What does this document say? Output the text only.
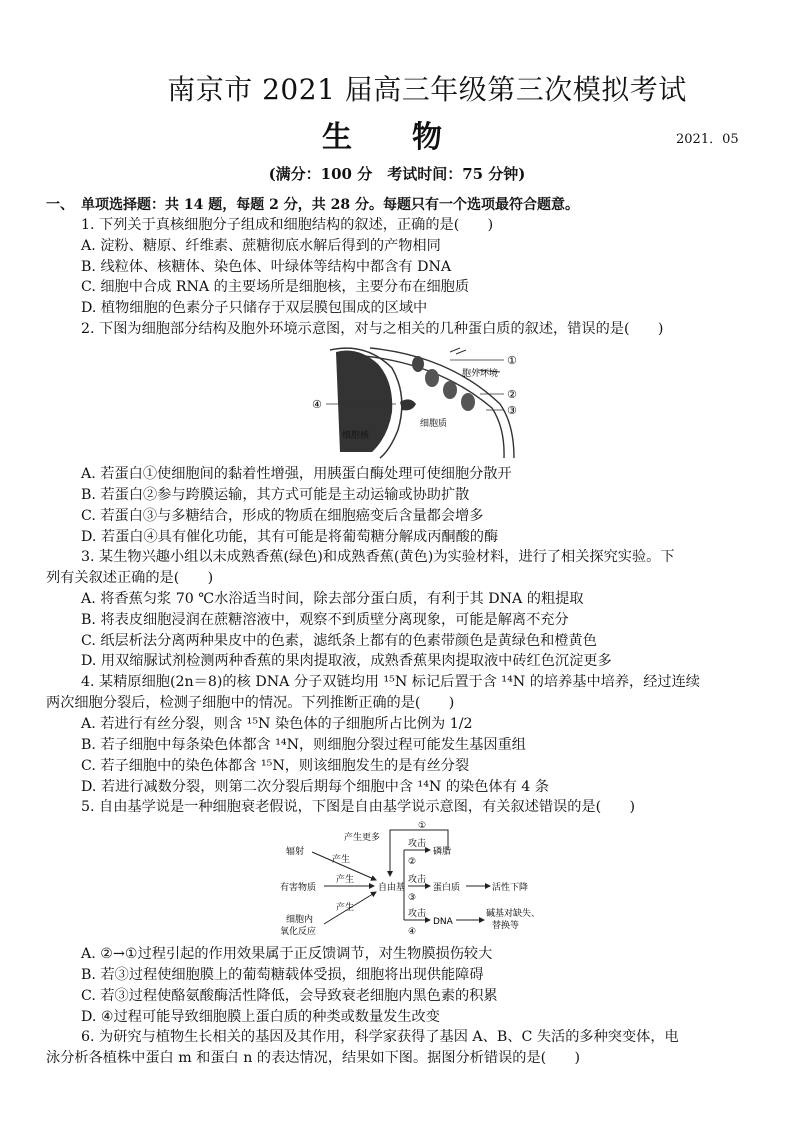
南京市 2021 届高三年级第三次模拟考试
生物	2021．05
(满分：100 分　考试时间：75 分钟)
一、　单项选择题：共 14 题，每题 2 分，共 28 分。每题只有一个选项最符合题意。
1. 下列关于真核细胞分子组成和细胞结构的叙述，正确的是(　　)
A. 淀粉、糖原、纤维素、蔗糖彻底水解后得到的产物相同
B. 线粒体、核糖体、染色体、叶绿体等结构中都含有 DNA
C. 细胞中合成 RNA 的主要场所是细胞核，主要分布在细胞质
D. 植物细胞的色素分子只储存于双层膜包围成的区域中
2. 下图为细胞部分结构及胞外环境示意图，对与之相关的几种蛋白质的叙述，错误的是(　　)
①
②
③
④
胞外环境
细胞质
细胞核
A. 若蛋白①使细胞间的黏着性增强，用胰蛋白酶处理可使细胞分散开
B. 若蛋白②参与跨膜运输，其方式可能是主动运输或协助扩散
C. 若蛋白③与多糖结合，形成的物质在细胞癌变后含量都会增多
D. 若蛋白④具有催化功能，其有可能是将葡萄糖分解成丙酮酸的酶
3. 某生物兴趣小组以未成熟香蕉(绿色)和成熟香蕉(黄色)为实验材料，进行了相关探究实验。下
列有关叙述正确的是(　　)
A. 将香蕉匀浆 70 ℃水浴适当时间，除去部分蛋白质，有利于其 DNA 的粗提取
B. 将表皮细胞浸润在蔗糖溶液中，观察不到质壁分离现象，可能是解离不充分
C. 纸层析法分离两种果皮中的色素，滤纸条上都有的色素带颜色是黄绿色和橙黄色
D. 用双缩脲试剂检测两种香蕉的果肉提取液，成熟香蕉果肉提取液中砖红色沉淀更多
4. 某精原细胞(2n＝8)的核 DNA 分子双链均用 ¹⁵N 标记后置于含 ¹⁴N 的培养基中培养，经过连续
两次细胞分裂后，检测子细胞中的情况。下列推断正确的是(　　)
A. 若进行有丝分裂，则含 ¹⁵N 染色体的子细胞所占比例为 1/2
B. 若子细胞中每条染色体都含 ¹⁴N，则细胞分裂过程可能发生基因重组
C. 若子细胞中的染色体都含 ¹⁵N，则该细胞发生的是有丝分裂
D. 若进行减数分裂，则第二次分裂后期每个细胞中含 ¹⁴N 的染色体有 4 条
5. 自由基学说是一种细胞衰老假说，下图是自由基学说示意图，有关叙述错误的是(　　)
辐射
有害物质
细胞内
氧化反应
产生
产生
产生
自由基
①
产生更多
攻击
攻击
攻击
②
③
④
磷脂
蛋白质	活性下降
DNA
碱基对缺失、
替换等
A. ②→①过程引起的作用效果属于正反馈调节，对生物膜损伤较大
B. 若③过程使细胞膜上的葡萄糖载体受损，细胞将出现供能障碍
C. 若③过程使酪氨酸酶活性降低，会导致衰老细胞内黑色素的积累
D. ④过程可能导致细胞膜上蛋白质的种类或数量发生改变
6. 为研究与植物生长相关的基因及其作用，科学家获得了基因 A、B、C 失活的多种突变体，电
泳分析各植株中蛋白 m 和蛋白 n 的表达情况，结果如下图。据图分析错误的是(　　)
